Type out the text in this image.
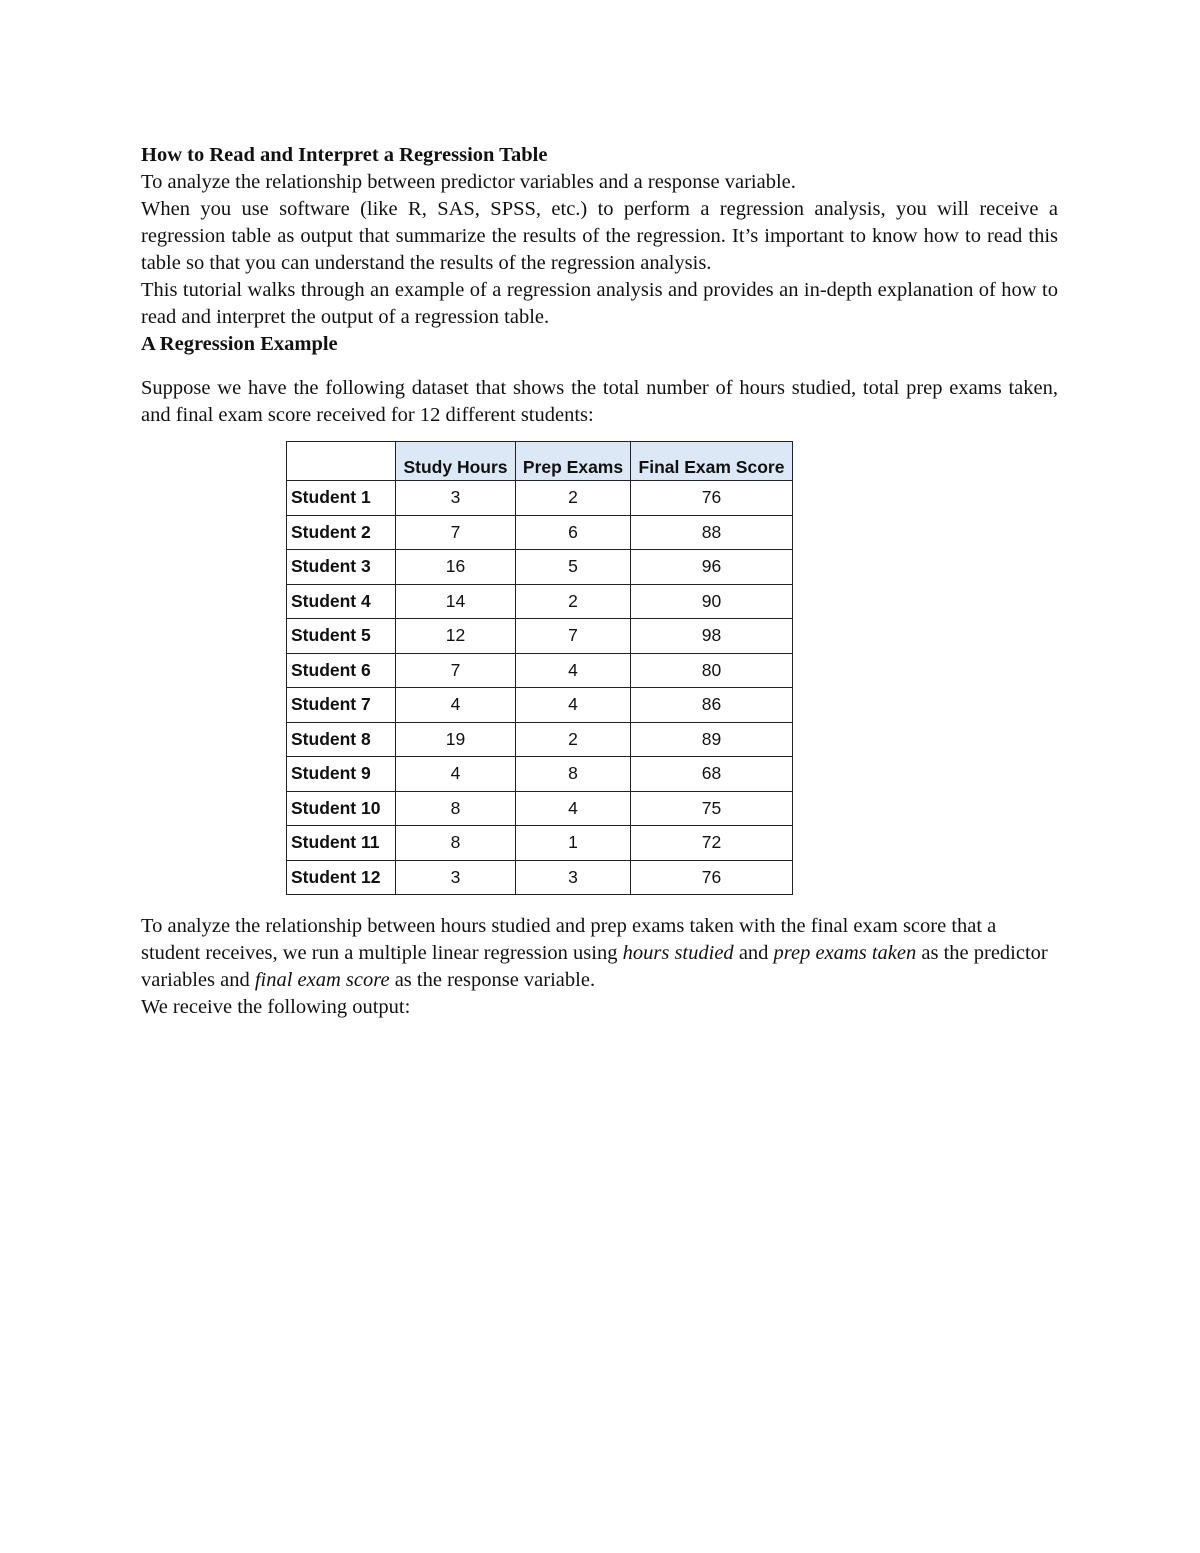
How to Read and Interpret a Regression Table

To analyze the relationship between predictor variables and a response variable.

When you use software (like R, SAS, SPSS, etc.) to perform a regression analysis, you will receive a regression table as output that summarize the results of the regression. It’s important to know how to read this table so that you can understand the results of the regression analysis.

This tutorial walks through an example of a regression analysis and provides an in-depth explanation of how to read and interpret the output of a regression table.

A Regression Example

Suppose we have the following dataset that shows the total number of hours studied, total prep exams taken, and final exam score received for 12 different students:

	Study Hours	Prep Exams	Final Exam Score
Student 1	3	2	76
Student 2	7	6	88
Student 3	16	5	96
Student 4	14	2	90
Student 5	12	7	98
Student 6	7	4	80
Student 7	4	4	86
Student 8	19	2	89
Student 9	4	8	68
Student 10	8	4	75
Student 11	8	1	72
Student 12	3	3	76

To analyze the relationship between hours studied and prep exams taken with the final exam score that a student receives, we run a multiple linear regression using hours studied and prep exams taken as the predictor variables and final exam score as the response variable.

We receive the following output:
